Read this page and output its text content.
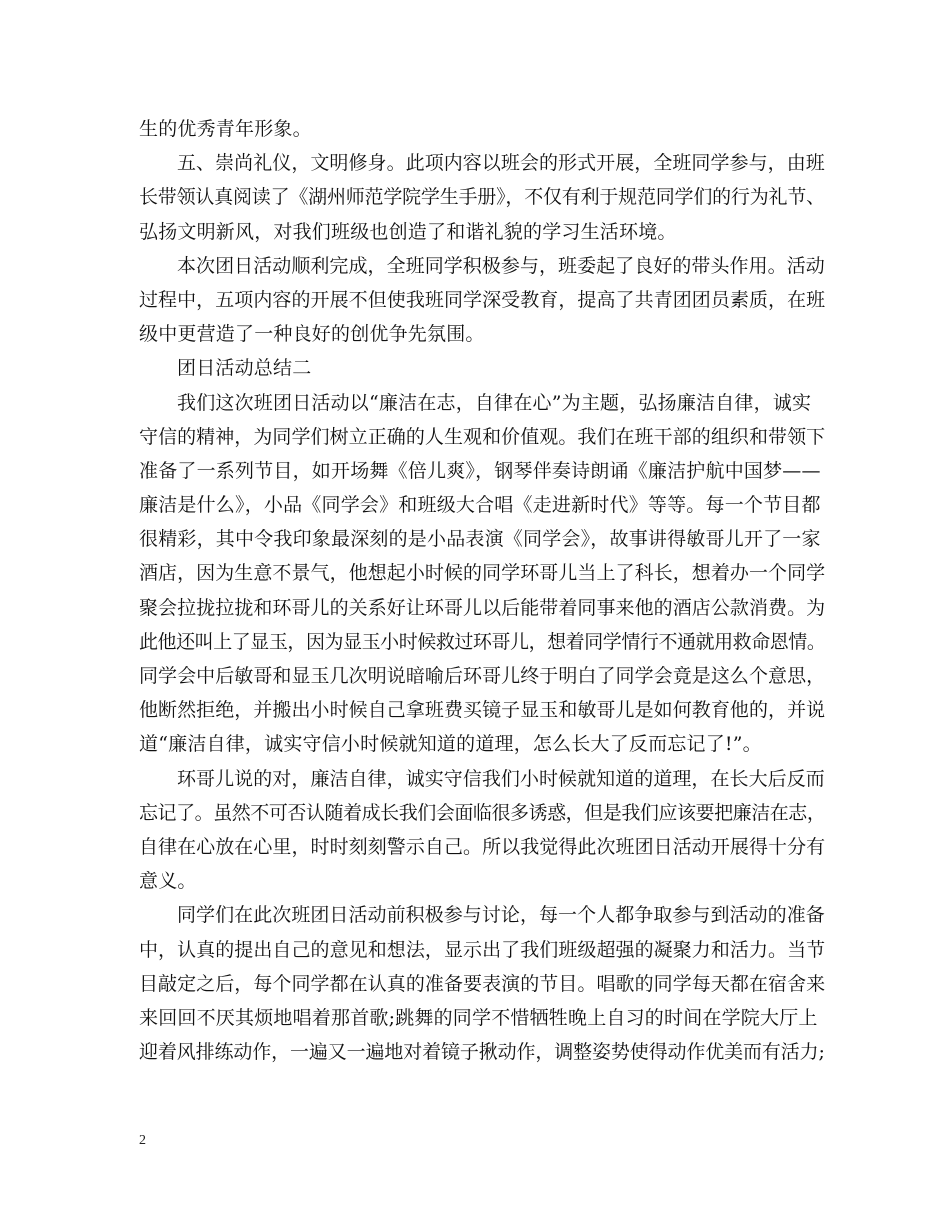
生的优秀青年形象。
五、崇尚礼仪，文明修身。此项内容以班会的形式开展，全班同学参与，由班
长带领认真阅读了《湖州师范学院学生手册》，不仅有利于规范同学们的行为礼节、
弘扬文明新风，对我们班级也创造了和谐礼貌的学习生活环境。
本次团日活动顺利完成，全班同学积极参与，班委起了良好的带头作用。活动
过程中，五项内容的开展不但使我班同学深受教育，提高了共青团团员素质，在班
级中更营造了一种良好的创优争先氛围。
团日活动总结二
我们这次班团日活动以“廉洁在志，自律在心”为主题，弘扬廉洁自律，诚实
守信的精神，为同学们树立正确的人生观和价值观。我们在班干部的组织和带领下
准备了一系列节目，如开场舞《倍儿爽》，钢琴伴奏诗朗诵《廉洁护航中国梦——
廉洁是什么》，小品《同学会》和班级大合唱《走进新时代》等等。每一个节目都
很精彩，其中令我印象最深刻的是小品表演《同学会》，故事讲得敏哥儿开了一家
酒店，因为生意不景气，他想起小时候的同学环哥儿当上了科长，想着办一个同学
聚会拉拢拉拢和环哥儿的关系好让环哥儿以后能带着同事来他的酒店公款消费。为
此他还叫上了显玉，因为显玉小时候救过环哥儿，想着同学情行不通就用救命恩情。
同学会中后敏哥和显玉几次明说暗喻后环哥儿终于明白了同学会竟是这么个意思，
他断然拒绝，并搬出小时候自己拿班费买镜子显玉和敏哥儿是如何教育他的，并说
道“廉洁自律，诚实守信小时候就知道的道理，怎么长大了反而忘记了!”。
环哥儿说的对，廉洁自律，诚实守信我们小时候就知道的道理，在长大后反而
忘记了。虽然不可否认随着成长我们会面临很多诱惑，但是我们应该要把廉洁在志，
自律在心放在心里，时时刻刻警示自己。所以我觉得此次班团日活动开展得十分有
意义。
同学们在此次班团日活动前积极参与讨论，每一个人都争取参与到活动的准备
中，认真的提出自己的意见和想法，显示出了我们班级超强的凝聚力和活力。当节
目敲定之后，每个同学都在认真的准备要表演的节目。唱歌的同学每天都在宿舍来
来回回不厌其烦地唱着那首歌;跳舞的同学不惜牺牲晚上自习的时间在学院大厅上
迎着风排练动作，一遍又一遍地对着镜子揪动作，调整姿势使得动作优美而有活力;
2
